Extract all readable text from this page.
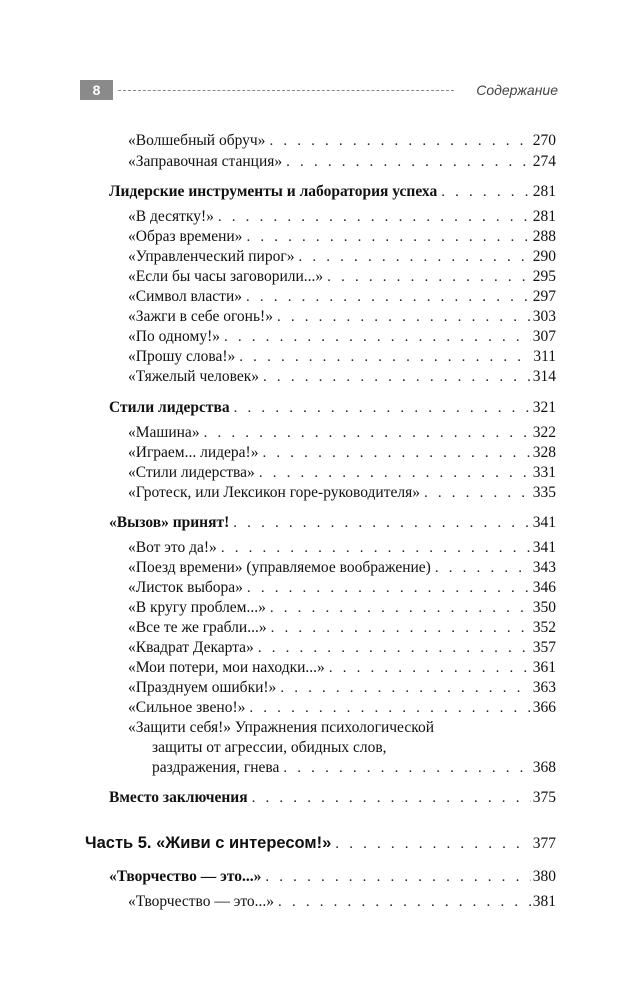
8	Содержание
«Волшебный обруч» . . .	270
«Заправочная станция» . . .	274
Лидерские инструменты и лаборатория успеха . . .	281
«В десятку!» . . .	281
«Образ времени» . . .	288
«Управленческий пирог» . . .	290
«Если бы часы заговорили...» . . .	295
«Символ власти» . . .	297
«Зажги в себе огонь!» . . .	303
«По одному!» . . .	307
«Прошу слова!» . . .	311
«Тяжелый человек» . . .	314
Стили лидерства . . .	321
«Машина» . . .	322
«Играем... лидера!» . . .	328
«Стили лидерства» . . .	331
«Гротеск, или Лексикон горе-руководителя» . . .	335
«Вызов» принят! . . .	341
«Вот это да!» . . .	341
«Поезд времени» (управляемое воображение) . . .	343
«Листок выбора» . . .	346
«В кругу проблем...» . . .	350
«Все те же грабли...» . . .	352
«Квадрат Декарта» . . .	357
«Мои потери, мои находки...» . . .	361
«Празднуем ошибки!» . . .	363
«Сильное звено!» . . .	366
«Защити себя!» Упражнения психологической
защиты от агрессии, обидных слов,
раздражения, гнева . . .	368
Вместо заключения . . .	375
Часть 5. «Живи с интересом!» . . .	377
«Творчество — это...» . . .	380
«Творчество — это...» . . .	381
